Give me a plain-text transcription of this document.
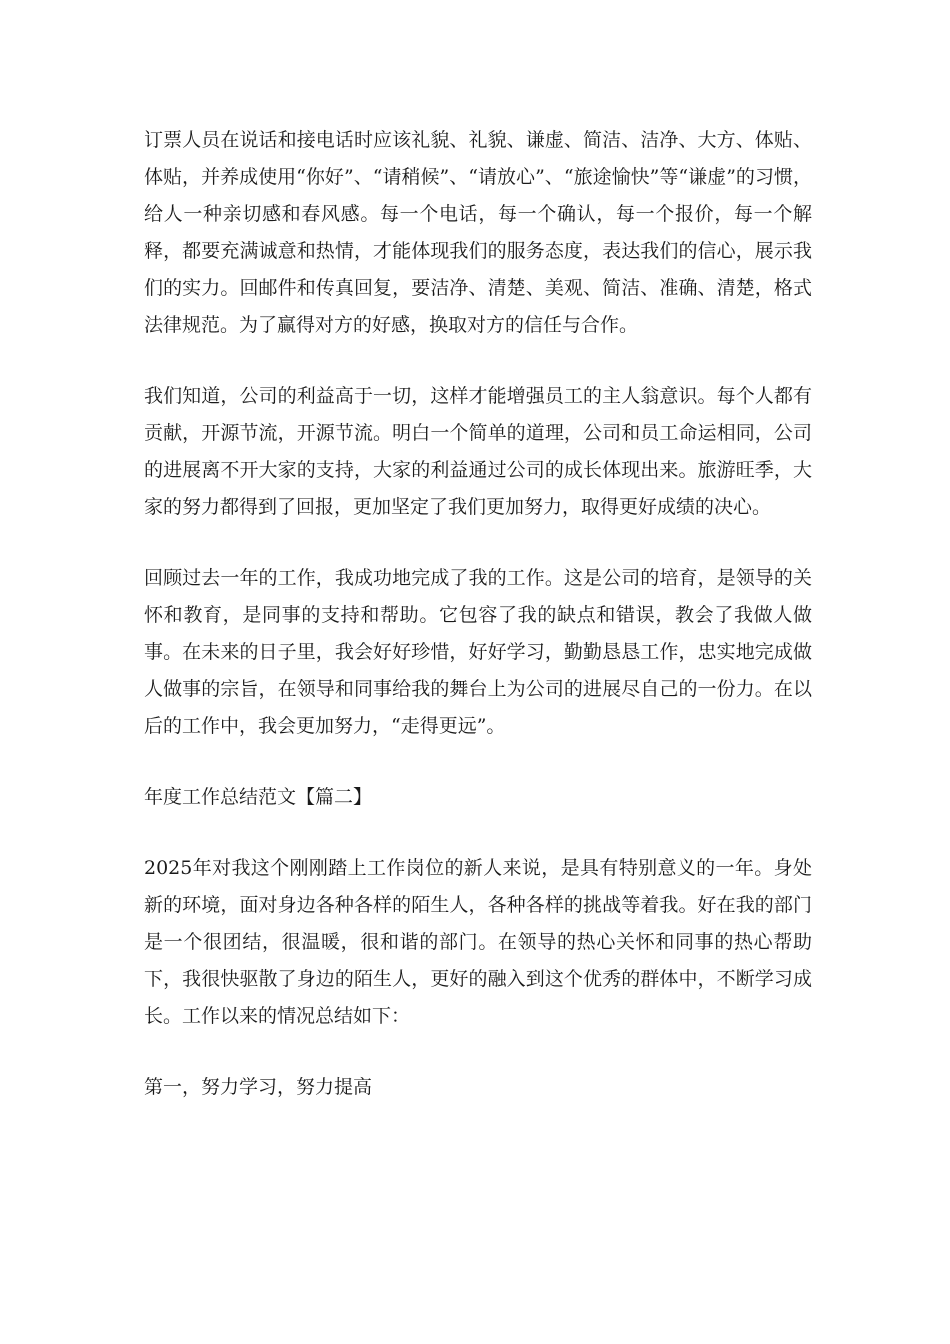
订票人员在说话和接电话时应该礼貌、礼貌、谦虚、简洁、洁净、大方、体贴、体贴，并养成使用“你好”、“请稍候”、“请放心”、“旅途愉快”等“谦虚”的习惯，给人一种亲切感和春风感。每一个电话，每一个确认，每一个报价，每一个解释，都要充满诚意和热情，才能体现我们的服务态度，表达我们的信心，展示我们的实力。回邮件和传真回复，要洁净、清楚、美观、简洁、准确、清楚，格式法律规范。为了赢得对方的好感，换取对方的信任与合作。

我们知道，公司的利益高于一切，这样才能增强员工的主人翁意识。每个人都有贡献，开源节流，开源节流。明白一个简单的道理，公司和员工命运相同，公司的进展离不开大家的支持，大家的利益通过公司的成长体现出来。旅游旺季，大家的努力都得到了回报，更加坚定了我们更加努力，取得更好成绩的决心。

回顾过去一年的工作，我成功地完成了我的工作。这是公司的培育，是领导的关怀和教育，是同事的支持和帮助。它包容了我的缺点和错误，教会了我做人做事。在未来的日子里，我会好好珍惜，好好学习，勤勤恳恳工作，忠实地完成做人做事的宗旨，在领导和同事给我的舞台上为公司的进展尽自己的一份力。在以后的工作中，我会更加努力，“走得更远”。

年度工作总结范文【篇二】

2025年对我这个刚刚踏上工作岗位的新人来说，是具有特别意义的一年。身处新的环境，面对身边各种各样的陌生人，各种各样的挑战等着我。好在我的部门是一个很团结，很温暖，很和谐的部门。在领导的热心关怀和同事的热心帮助下，我很快驱散了身边的陌生人，更好的融入到这个优秀的群体中，不断学习成长。工作以来的情况总结如下：

第一，努力学习，努力提高
